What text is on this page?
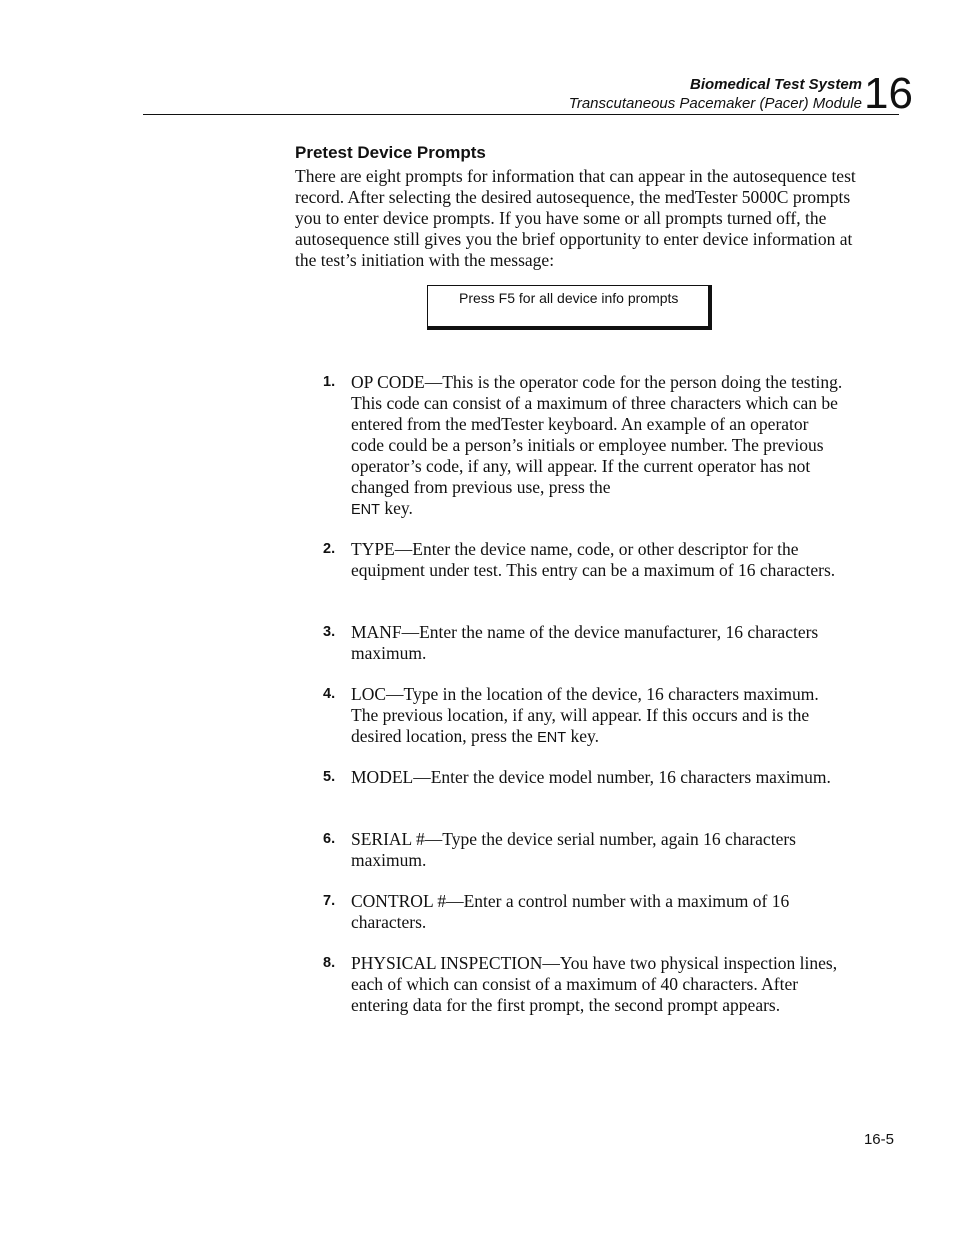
Biomedical Test System
Transcutaneous Pacemaker (Pacer) Module 16
Pretest Device Prompts

There are eight prompts for information that can appear in the autosequence test record. After selecting the desired autosequence, the medTester 5000C prompts you to enter device prompts. If you have some or all prompts turned off, the autosequence still gives you the brief opportunity to enter device information at the test’s initiation with the message:

Press F5 for all device info prompts
1. OP CODE—This is the operator code for the person doing the testing. This code can consist of a maximum of three characters which can be entered from the medTester keyboard. An example of an operator code could be a person’s initials or employee number. The previous operator’s code, if any, will appear. If the current operator has not changed from previous use, press the
ENT key.
2. TYPE—Enter the device name, code, or other descriptor for the equipment under test. This entry can be a maximum of 16 characters.
3. MANF—Enter the name of the device manufacturer, 16 characters maximum.
4. LOC—Type in the location of the device, 16 characters maximum. The previous location, if any, will appear. If this occurs and is the desired location, press the ENT key.
5. MODEL—Enter the device model number, 16 characters maximum.
6. SERIAL #—Type the device serial number, again 16 characters maximum.
7. CONTROL #—Enter a control number with a maximum of 16 characters.
8. PHYSICAL INSPECTION—You have two physical inspection lines, each of which can consist of a maximum of 40 characters. After entering data for the first prompt, the second prompt appears.
16-5
